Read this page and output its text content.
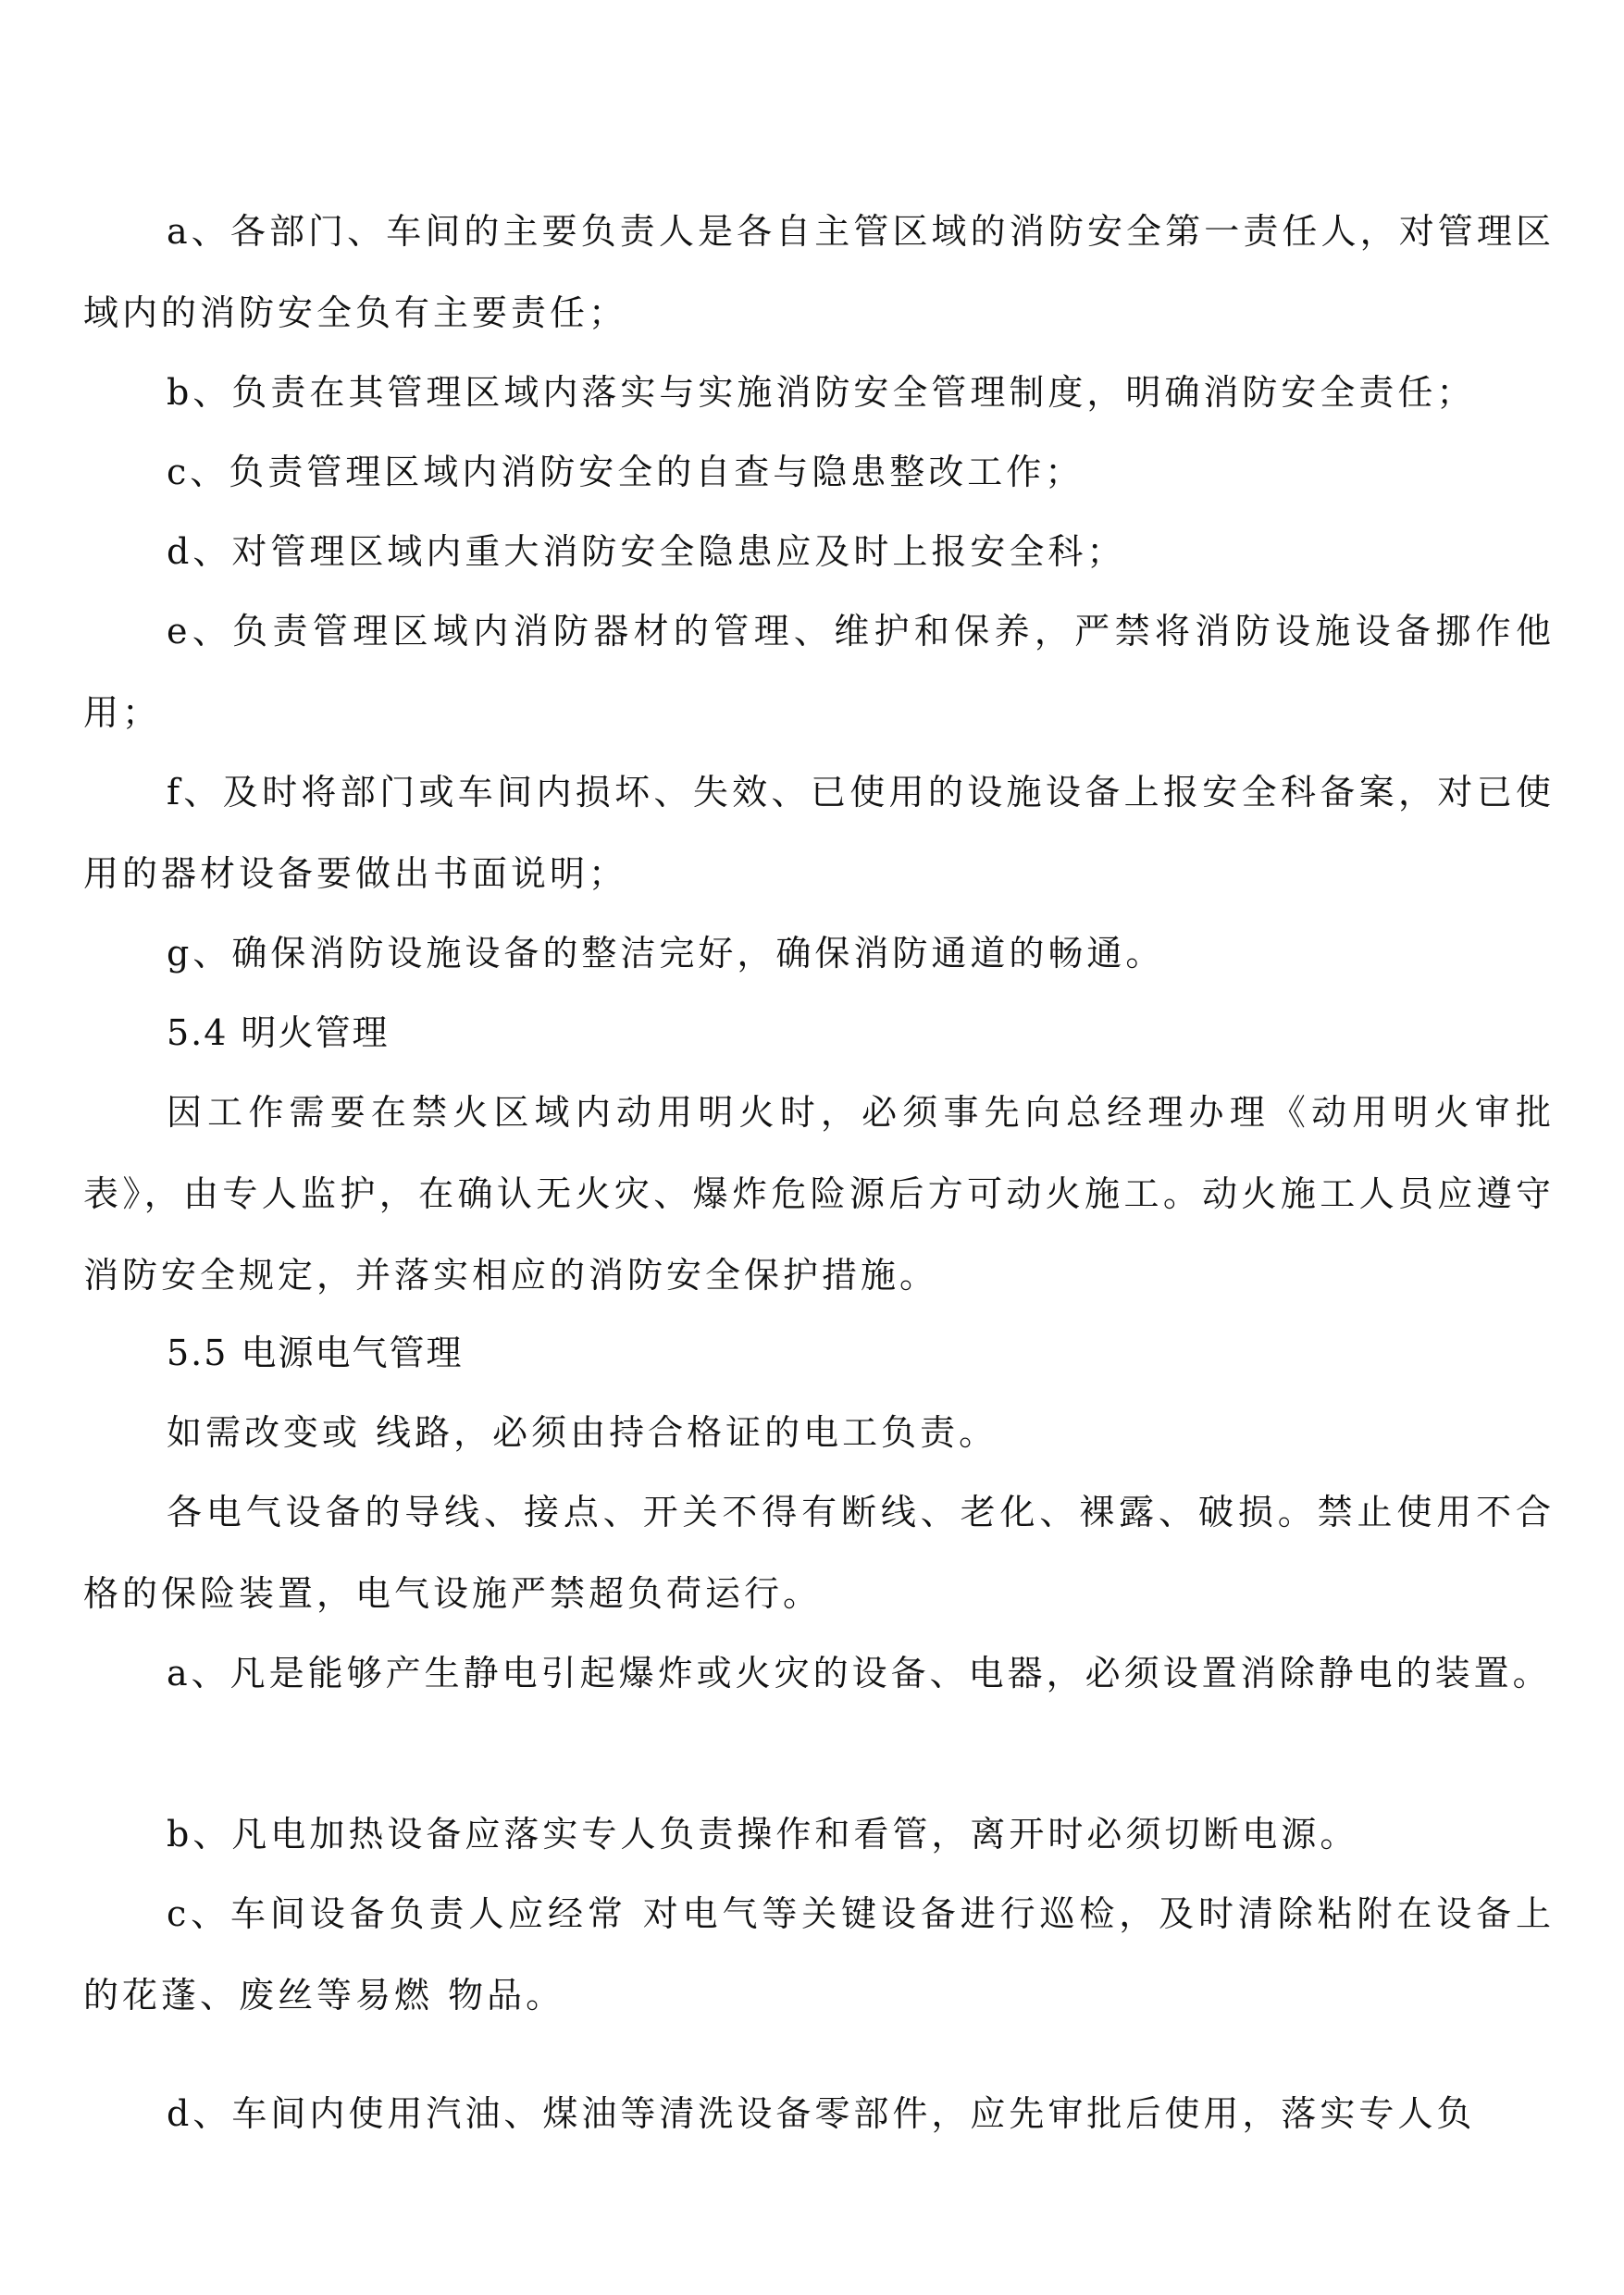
a、各部门、车间的主要负责人是各自主管区域的消防安全第一责任人，对管理区域内的消防安全负有主要责任；

b、负责在其管理区域内落实与实施消防安全管理制度，明确消防安全责任；

c、负责管理区域内消防安全的自查与隐患整改工作；

d、对管理区域内重大消防安全隐患应及时上报安全科；

e、负责管理区域内消防器材的管理、维护和保养，严禁将消防设施设备挪作他用；

f、及时将部门或车间内损坏、失效、已使用的设施设备上报安全科备案，对已使用的器材设备要做出书面说明；

g、确保消防设施设备的整洁完好，确保消防通道的畅通。

5.4 明火管理

因工作需要在禁火区域内动用明火时，必须事先向总经理办理《动用明火审批表》，由专人监护，在确认无火灾、爆炸危险源后方可动火施工。动火施工人员应遵守消防安全规定，并落实相应的消防安全保护措施。

5.5 电源电气管理

如需改变或 线路，必须由持合格证的电工负责。

各电气设备的导线、接点、开关不得有断线、老化、裸露、破损。禁止使用不合格的保险装置，电气设施严禁超负荷运行。

a、凡是能够产生静电引起爆炸或火灾的设备、电器，必须设置消除静电的装置。

b、凡电加热设备应落实专人负责操作和看管，离开时必须切断电源。

c、车间设备负责人应经常 对电气等关键设备进行巡检，及时清除粘附在设备上的花蓬、废丝等易燃 物品。

d、车间内使用汽油、煤油等清洗设备零部件，应先审批后使用，落实专人负
